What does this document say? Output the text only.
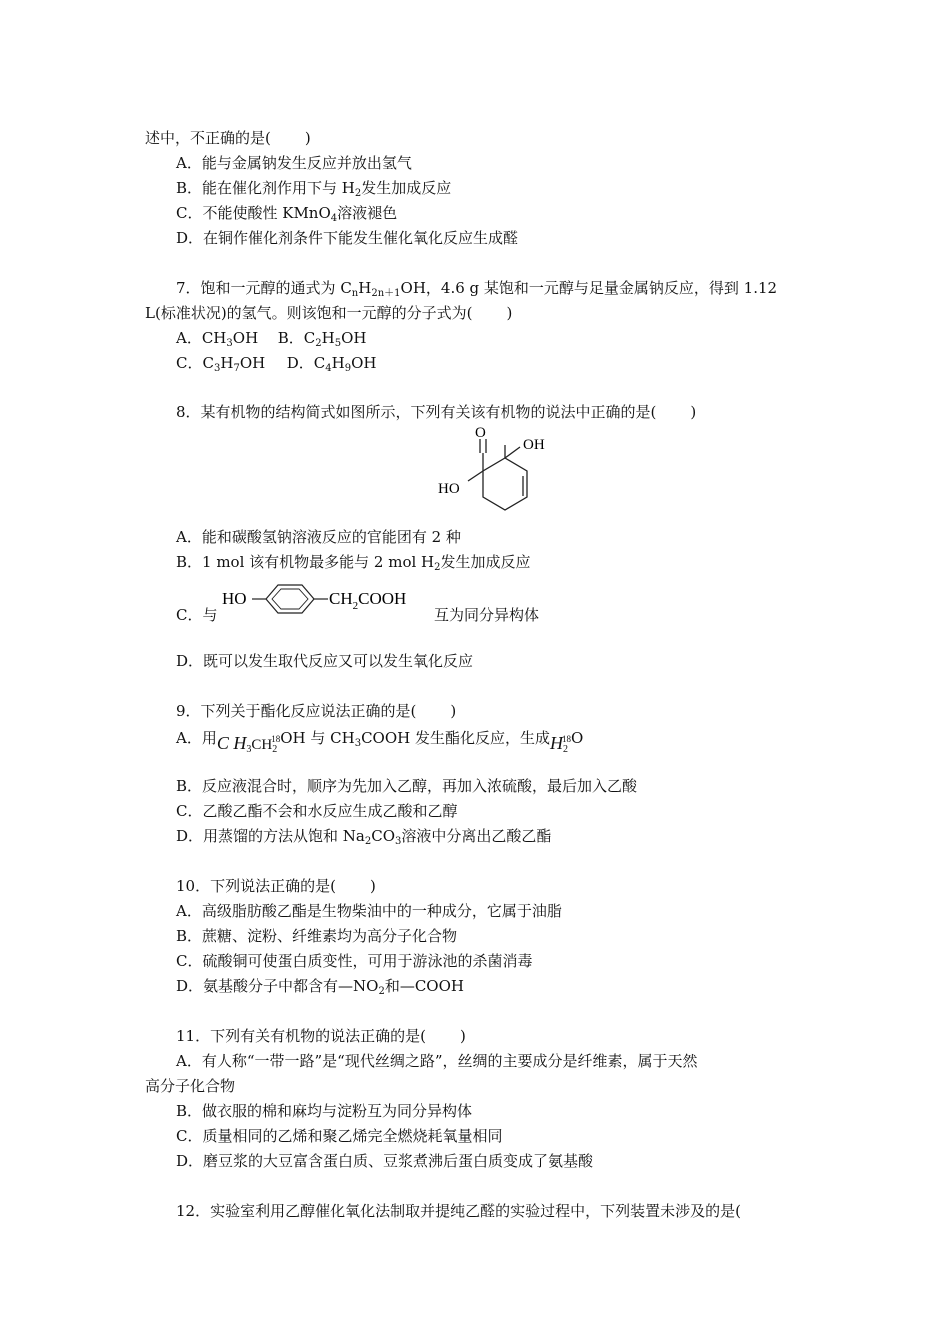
述中，不正确的是( )
A．能与金属钠发生反应并放出氢气
B．能在催化剂作用下与 $H_2$发生加成反应
C．不能使酸性 KMnO$_4$溶液褪色
D．在铜作催化剂条件下能发生催化氧化反应生成醛
7．饱和一元醇的通式为 $C_nH_{2n+1}OH$，4.6 g 某饱和一元醇与足量金属钠反应，得到 1.12
L(标准状况)的氢气。则该饱和一元醇的分子式为( )
A．$CH_3OH$ B．$C_2H_5OH$
C．$C_3H_7OH$ D．$C_4H_9OH$
8．某有机物的结构简式如图所示，下列有关该有机物的说法中正确的是( )
O
OH
HO
A．能和碳酸氢钠溶液反应的官能团有 2 种
B．1 mol 该有机物最多能与 2 mol $H_2$发生加成反应
C．与
HO	$CH_2COOH$
互为同分异构体
D．既可以发生取代反应又可以发生氧化反应
9．下列关于酯化反应说法正确的是( )
A．用C $H_3CH_2^{18}OH$ 与 $CH_3COOH$ 发生酯化反应，生成$H_2^{18}O$
B．反应液混合时，顺序为先加入乙醇，再加入浓硫酸，最后加入乙酸
C．乙酸乙酯不会和水反应生成乙酸和乙醇
D．用蒸馏的方法从饱和 $Na_2CO_3$溶液中分离出乙酸乙酯
10．下列说法正确的是( )
A．高级脂肪酸乙酯是生物柴油中的一种成分，它属于油脂
B．蔗糖、淀粉、纤维素均为高分子化合物
C．硫酸铜可使蛋白质变性，可用于游泳池的杀菌消毒
D．氨基酸分子中都含有$—NO_2$和—COOH
11．下列有关有机物的说法正确的是( )
A．有人称“一带一路”是“现代丝绸之路”，丝绸的主要成分是纤维素，属于天然
高分子化合物
B．做衣服的棉和麻均与淀粉互为同分异构体
C．质量相同的乙烯和聚乙烯完全燃烧耗氧量相同
D．磨豆浆的大豆富含蛋白质、豆浆煮沸后蛋白质变成了氨基酸
12．实验室利用乙醇催化氧化法制取并提纯乙醛的实验过程中，下列装置未涉及的是(
